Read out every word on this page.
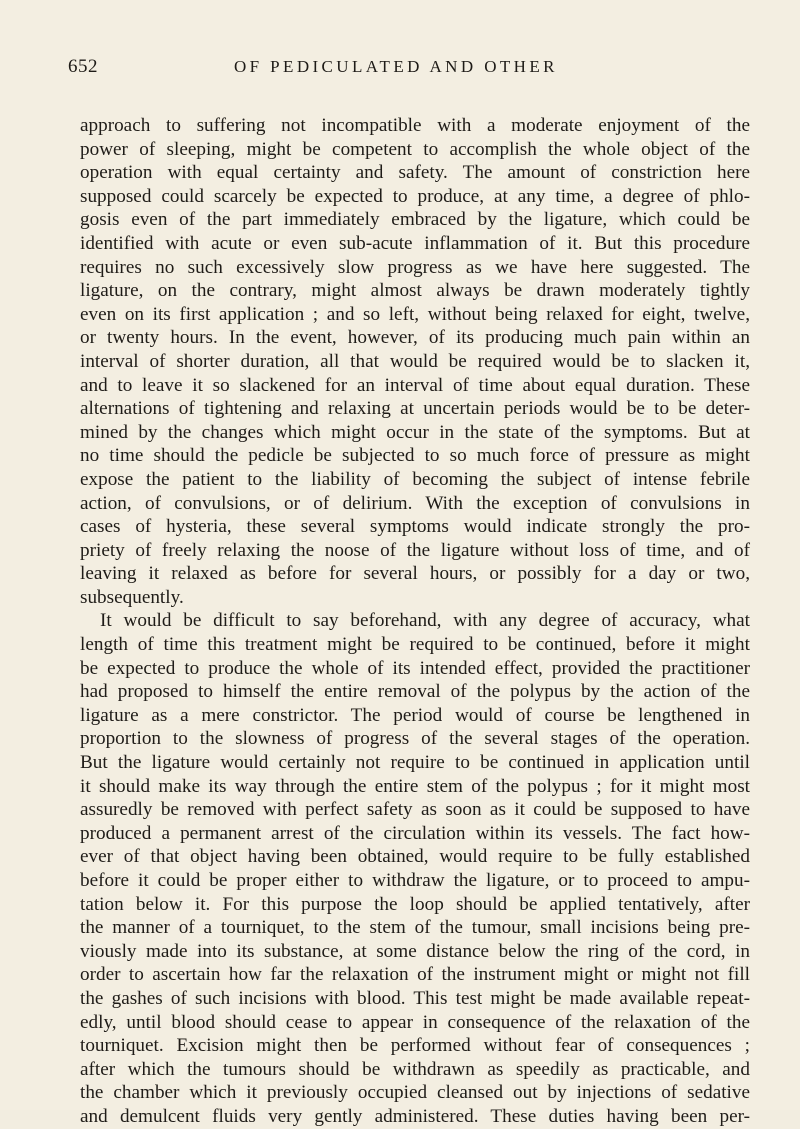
652	OF PEDICULATED AND OTHER
approach to suffering not incompatible with a moderate enjoyment of the
power of sleeping, might be competent to accomplish the whole object of the
operation with equal certainty and safety. The amount of constriction here
supposed could scarcely be expected to produce, at any time, a degree of phlo-
gosis even of the part immediately embraced by the ligature, which could be
identified with acute or even sub-acute inflammation of it. But this procedure
requires no such excessively slow progress as we have here suggested. The
ligature, on the contrary, might almost always be drawn moderately tightly
even on its first application ; and so left, without being relaxed for eight, twelve,
or twenty hours. In the event, however, of its producing much pain within an
interval of shorter duration, all that would be required would be to slacken it,
and to leave it so slackened for an interval of time about equal duration. These
alternations of tightening and relaxing at uncertain periods would be to be deter-
mined by the changes which might occur in the state of the symptoms. But at
no time should the pedicle be subjected to so much force of pressure as might
expose the patient to the liability of becoming the subject of intense febrile
action, of convulsions, or of delirium. With the exception of convulsions in
cases of hysteria, these several symptoms would indicate strongly the pro-
priety of freely relaxing the noose of the ligature without loss of time, and of
leaving it relaxed as before for several hours, or possibly for a day or two,
subsequently.
It would be difficult to say beforehand, with any degree of accuracy, what
length of time this treatment might be required to be continued, before it might
be expected to produce the whole of its intended effect, provided the practitioner
had proposed to himself the entire removal of the polypus by the action of the
ligature as a mere constrictor. The period would of course be lengthened in
proportion to the slowness of progress of the several stages of the operation.
But the ligature would certainly not require to be continued in application until
it should make its way through the entire stem of the polypus ; for it might most
assuredly be removed with perfect safety as soon as it could be supposed to have
produced a permanent arrest of the circulation within its vessels. The fact how-
ever of that object having been obtained, would require to be fully established
before it could be proper either to withdraw the ligature, or to proceed to ampu-
tation below it. For this purpose the loop should be applied tentatively, after
the manner of a tourniquet, to the stem of the tumour, small incisions being pre-
viously made into its substance, at some distance below the ring of the cord, in
order to ascertain how far the relaxation of the instrument might or might not fill
the gashes of such incisions with blood. This test might be made available repeat-
edly, until blood should cease to appear in consequence of the relaxation of the
tourniquet. Excision might then be performed without fear of consequences ;
after which the tumours should be withdrawn as speedily as practicable, and
the chamber which it previously occupied cleansed out by injections of sedative
and demulcent fluids very gently administered. These duties having been per-
